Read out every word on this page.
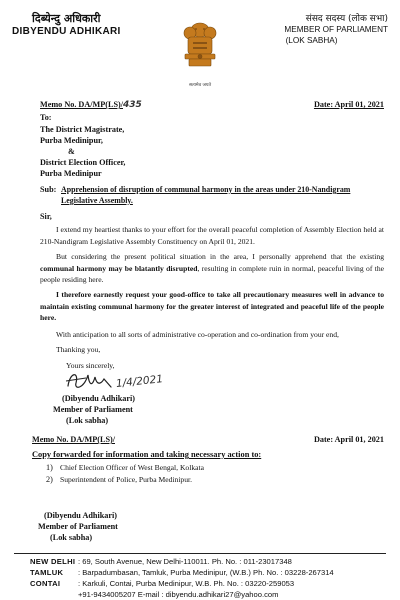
दिब्येन्दु अधिकारी
DIBYENDU ADHIKARI
सत्यमेव जयते
संसद सदस्य (लोक सभा)
MEMBER OF PARLIAMENT
(LOK SABHA)
Memo No. DA/MP(LS)/435	Date: April 01, 2021
To:
The District Magistrate,
Purba Medinipur,
&
District Election Officer,
Purba Medinipur
Sub: Apprehension of disruption of communal harmony in the areas under 210-Nandigram
Legislative Assembly.
Sir,
I extend my heartiest thanks to your effort for the overall peaceful completion of Assembly Election held at 210-Nandigram Legislative Assembly Constituency on April 01, 2021.
But considering the present political situation in the area, I personally apprehend that the existing communal harmony may be blatantly disrupted, resulting in complete ruin in normal, peaceful living of the people residing here.
I therefore earnestly request your good-office to take all precautionary measures well in advance to maintain existing communal harmony for the greater interest of integrated and peaceful life of the people here.
With anticipation to all sorts of administrative co-operation and co-ordination from your end,
Thanking you,
Yours sincerely,
1/4/2021
(Dibyendu Adhikari)
Member of Parliament
(Lok sabha)
Memo No. DA/MP(LS)/	Date: April 01, 2021
Copy forwarded for information and taking necessary action to:
1) Chief Election Officer of West Bengal, Kolkata
2) Superintendent of Police, Purba Medinipur.
(Dibyendu Adhikari)
Member of Parliament
(Lok sabha)
NEW DELHI : 69, South Avenue, New Delhi-110011. Ph. No. : 011-23017348
TAMLUK : Barpadumbasan, Tamluk, Purba Medinipur, (W.B.) Ph. No. : 03228-267314
CONTAI : Karkuli, Contai, Purba Medinipur, W.B. Ph. No. : 03220-259053
+91-9434005207 E-mail : dibyendu.adhikari27@yahoo.com
